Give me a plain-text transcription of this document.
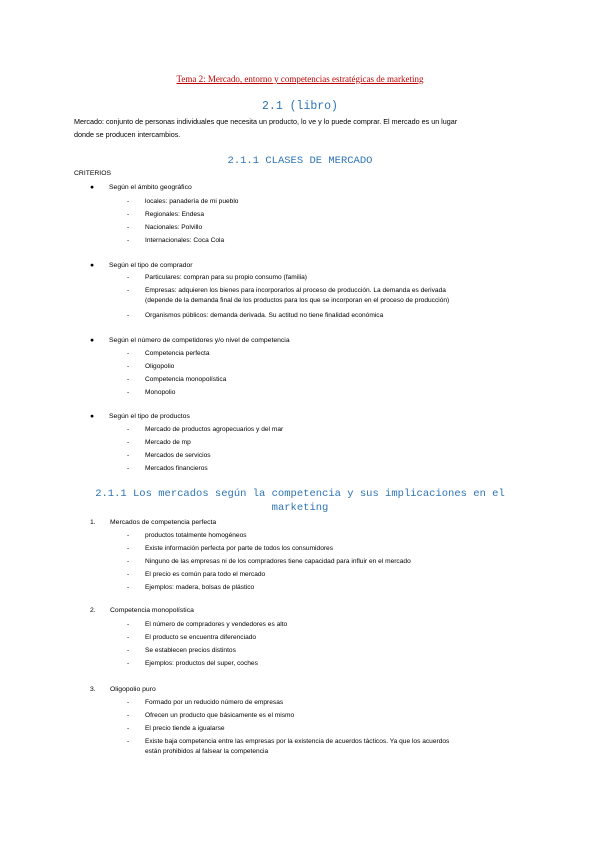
Tema 2: Mercado, entorno y competencias estratégicas de marketing
2.1 (libro)
Mercado: conjunto de personas individuales que necesita un producto, lo ve y lo puede comprar. El mercado es un lugar
donde se producen intercambios.
2.1.1 CLASES DE MERCADO
CRITERIOS
● Según el ámbito geográfico
- locales: panadería de mi pueblo
- Regionales: Endesa
- Nacionales: Polvillo
- Internacionales: Coca Cola
● Según el tipo de comprador
- Particulares: compran para su propio consumo (familia)
- Empresas: adquieren los bienes para incorporarlos al proceso de producción. La demanda es derivada
(depende de la demanda final de los productos para los que se incorporan en el proceso de producción)
- Organismos públicos: demanda derivada. Su actitud no tiene finalidad económica
● Según el número de competidores y/o nivel de competencia
- Competencia perfecta
- Oligopolio
- Competencia monopolística
- Monopolio
● Según el tipo de productos
- Mercado de productos agropecuarios y del mar
- Mercado de mp
- Mercados de servicios
- Mercados financieros
2.1.1 Los mercados según la competencia y sus implicaciones en el
marketing
1. Mercados de competencia perfecta
- productos totalmente homogéneos
- Existe información perfecta por parte de todos los consumidores
- Ninguno de las empresas ni de los compradores tiene capacidad para influir en el mercado
- El precio es común para todo el mercado
- Ejemplos: madera, bolsas de plástico
2. Competencia monopolística
- El número de compradores y vendedores es alto
- El producto se encuentra diferenciado
- Se establecen precios distintos
- Ejemplos: productos del super, coches
3. Oligopolio puro
- Formado por un reducido número de empresas
- Ofrecen un producto que básicamente es el mismo
- El precio tiende a igualarse
- Existe baja competencia entre las empresas por la existencia de acuerdos tácticos. Ya que los acuerdos
están prohibidos al falsear la competencia
